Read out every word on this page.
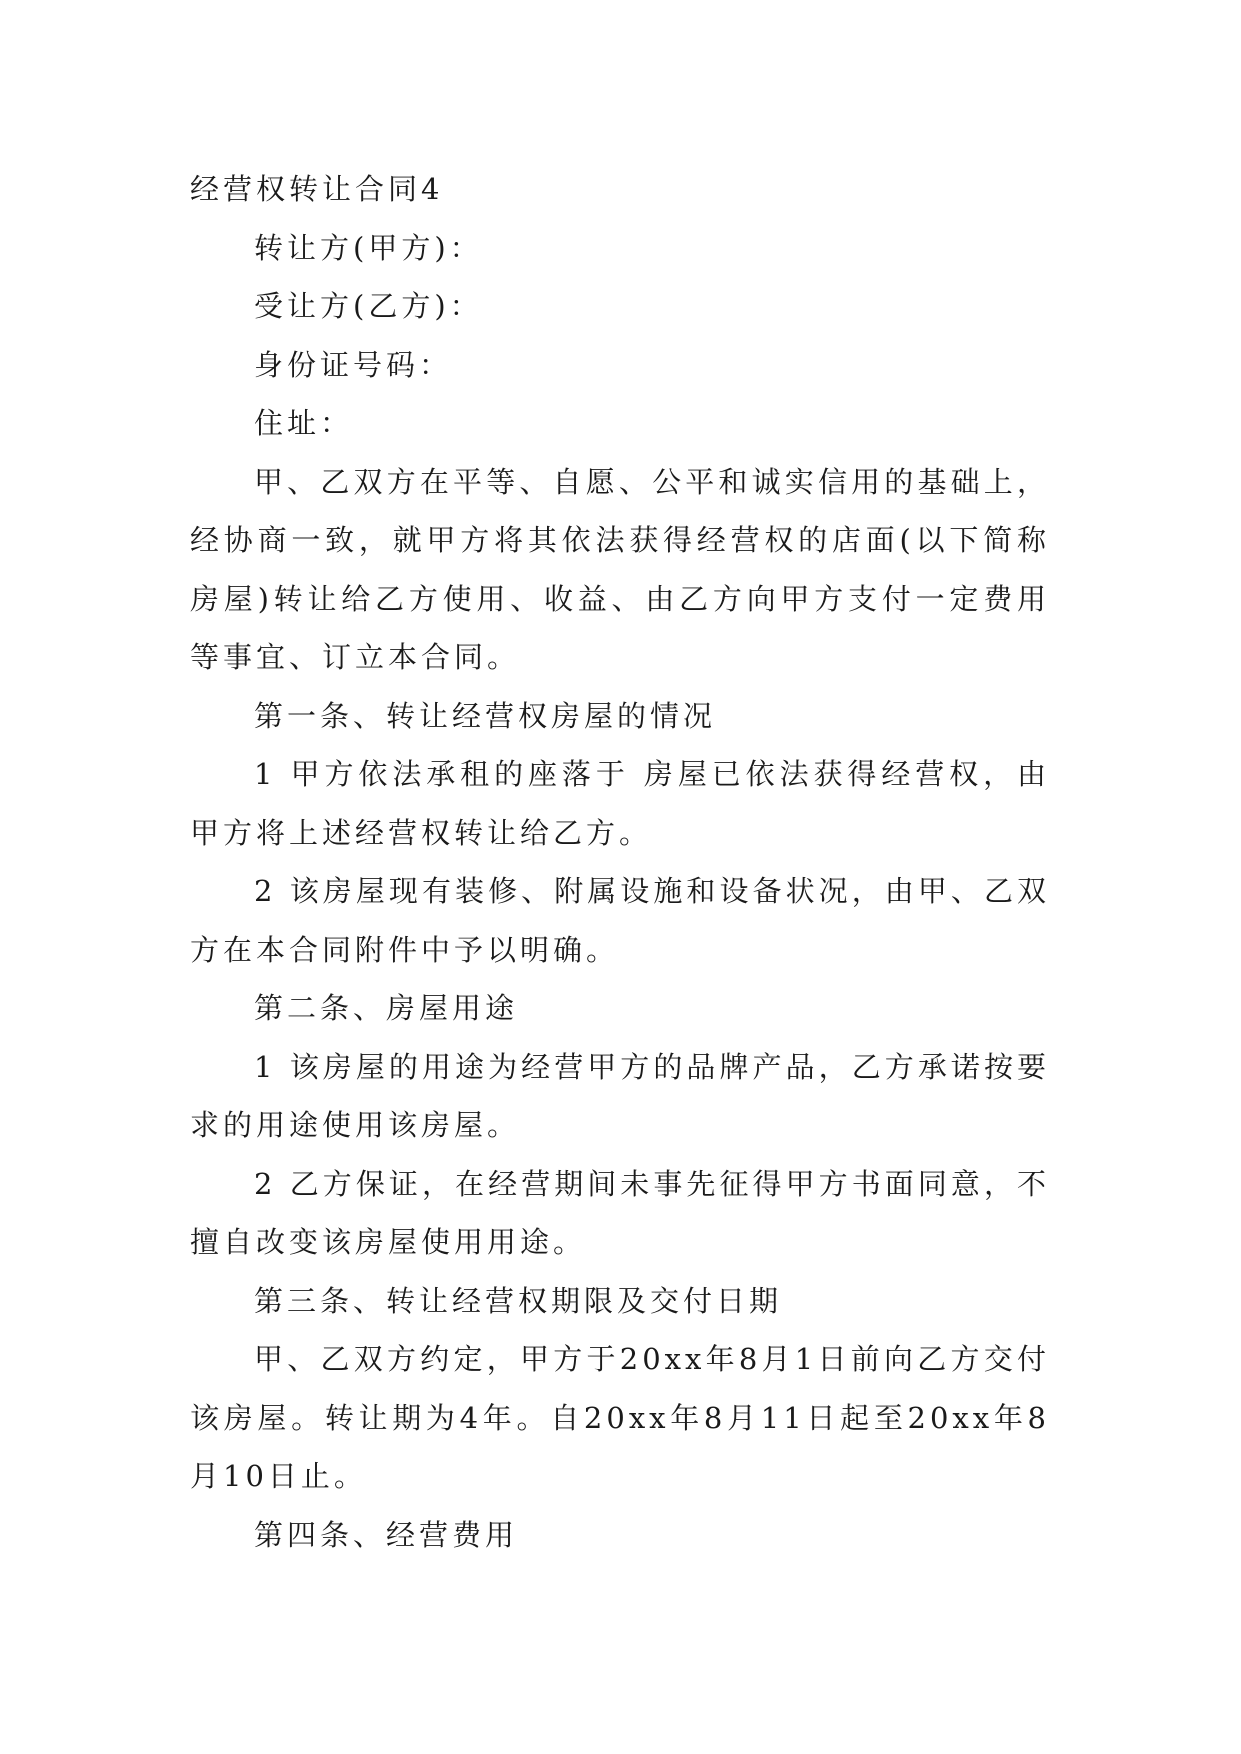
经营权转让合同4

转让方(甲方)：

受让方(乙方)：

身份证号码：

住址：

甲、乙双方在平等、自愿、公平和诚实信用的基础上，经协商一致，就甲方将其依法获得经营权的店面(以下简称房屋)转让给乙方使用、收益、由乙方向甲方支付一定费用等事宜、订立本合同。

第一条、转让经营权房屋的情况

1 甲方依法承租的座落于 房屋已依法获得经营权，由甲方将上述经营权转让给乙方。

2 该房屋现有装修、附属设施和设备状况，由甲、乙双方在本合同附件中予以明确。

第二条、房屋用途

1 该房屋的用途为经营甲方的品牌产品，乙方承诺按要求的用途使用该房屋。

2 乙方保证，在经营期间未事先征得甲方书面同意，不擅自改变该房屋使用用途。

第三条、转让经营权期限及交付日期

甲、乙双方约定，甲方于20xx年8月1日前向乙方交付该房屋。转让期为4年。自20xx年8月11日起至20xx年8月10日止。

第四条、经营费用
